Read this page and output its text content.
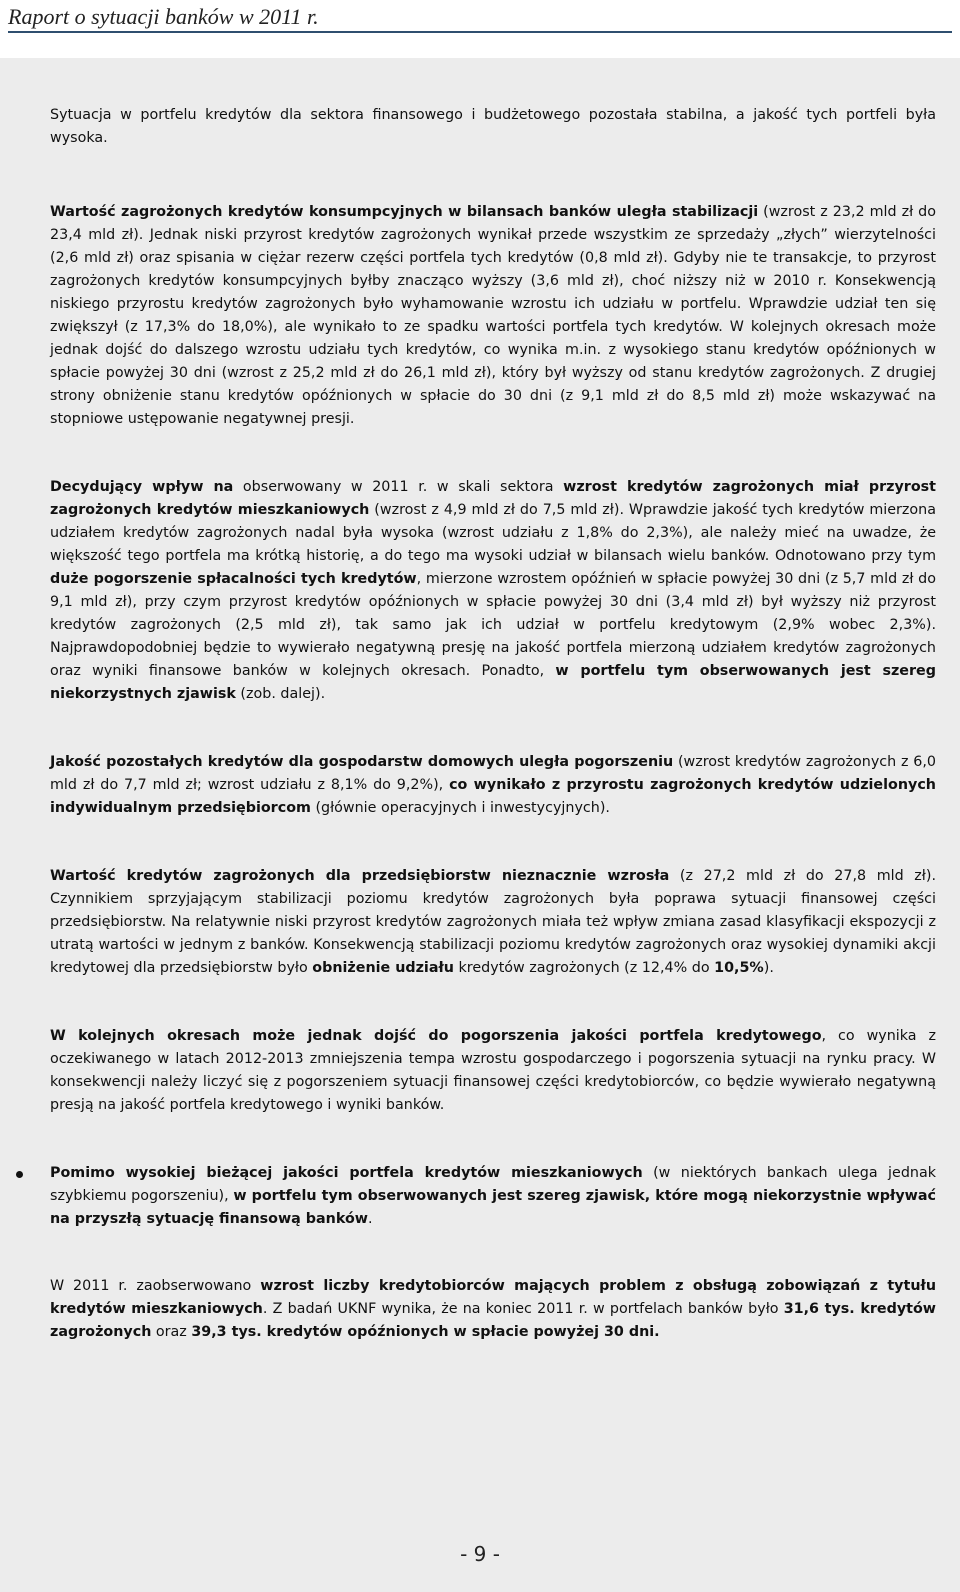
Raport o sytuacji banków w 2011 r.

Sytuacja w portfelu kredytów dla sektora finansowego i budżetowego pozostała stabilna, a jakość tych portfeli była wysoka.

Wartość zagrożonych kredytów konsumpcyjnych w bilansach banków uległa stabilizacji (wzrost z 23,2 mld zł do 23,4 mld zł). Jednak niski przyrost kredytów zagrożonych wynikał przede wszystkim ze sprzedaży „złych” wierzytelności (2,6 mld zł) oraz spisania w ciężar rezerw części portfela tych kredytów (0,8 mld zł). Gdyby nie te transakcje, to przyrost zagrożonych kredytów konsumpcyjnych byłby znacząco wyższy (3,6 mld zł), choć niższy niż w 2010 r. Konsekwencją niskiego przyrostu kredytów zagrożonych było wyhamowanie wzrostu ich udziału w portfelu. Wprawdzie udział ten się zwiększył (z 17,3% do 18,0%), ale wynikało to ze spadku wartości portfela tych kredytów. W kolejnych okresach może jednak dojść do dalszego wzrostu udziału tych kredytów, co wynika m.in. z wysokiego stanu kredytów opóźnionych w spłacie powyżej 30 dni (wzrost z 25,2 mld zł do 26,1 mld zł), który był wyższy od stanu kredytów zagrożonych. Z drugiej strony obniżenie stanu kredytów opóźnionych w spłacie do 30 dni (z 9,1 mld zł do 8,5 mld zł) może wskazywać na stopniowe ustępowanie negatywnej presji.

Decydujący wpływ na obserwowany w 2011 r. w skali sektora wzrost kredytów zagrożonych miał przyrost zagrożonych kredytów mieszkaniowych (wzrost z 4,9 mld zł do 7,5 mld zł). Wprawdzie jakość tych kredytów mierzona udziałem kredytów zagrożonych nadal była wysoka (wzrost udziału z 1,8% do 2,3%), ale należy mieć na uwadze, że większość tego portfela ma krótką historię, a do tego ma wysoki udział w bilansach wielu banków. Odnotowano przy tym duże pogorszenie spłacalności tych kredytów, mierzone wzrostem opóźnień w spłacie powyżej 30 dni (z 5,7 mld zł do 9,1 mld zł), przy czym przyrost kredytów opóźnionych w spłacie powyżej 30 dni (3,4 mld zł) był wyższy niż przyrost kredytów zagrożonych (2,5 mld zł), tak samo jak ich udział w portfelu kredytowym (2,9% wobec 2,3%). Najprawdopodobniej będzie to wywierało negatywną presję na jakość portfela mierzoną udziałem kredytów zagrożonych oraz wyniki finansowe banków w kolejnych okresach. Ponadto, w portfelu tym obserwowanych jest szereg niekorzystnych zjawisk (zob. dalej).

Jakość pozostałych kredytów dla gospodarstw domowych uległa pogorszeniu (wzrost kredytów zagrożonych z 6,0 mld zł do 7,7 mld zł; wzrost udziału z 8,1% do 9,2%), co wynikało z przyrostu zagrożonych kredytów udzielonych indywidualnym przedsiębiorcom (głównie operacyjnych i inwestycyjnych).

Wartość kredytów zagrożonych dla przedsiębiorstw nieznacznie wzrosła (z 27,2 mld zł do 27,8 mld zł). Czynnikiem sprzyjającym stabilizacji poziomu kredytów zagrożonych była poprawa sytuacji finansowej części przedsiębiorstw. Na relatywnie niski przyrost kredytów zagrożonych miała też wpływ zmiana zasad klasyfikacji ekspozycji z utratą wartości w jednym z banków. Konsekwencją stabilizacji poziomu kredytów zagrożonych oraz wysokiej dynamiki akcji kredytowej dla przedsiębiorstw było obniżenie udziału kredytów zagrożonych (z 12,4% do 10,5%).

W kolejnych okresach może jednak dojść do pogorszenia jakości portfela kredytowego, co wynika z oczekiwanego w latach 2012-2013 zmniejszenia tempa wzrostu gospodarczego i pogorszenia sytuacji na rynku pracy. W konsekwencji należy liczyć się z pogorszeniem sytuacji finansowej części kredytobiorców, co będzie wywierało negatywną presją na jakość portfela kredytowego i wyniki banków.

Pomimo wysokiej bieżącej jakości portfela kredytów mieszkaniowych (w niektórych bankach ulega jednak szybkiemu pogorszeniu), w portfelu tym obserwowanych jest szereg zjawisk, które mogą niekorzystnie wpływać na przyszłą sytuację finansową banków.

W 2011 r. zaobserwowano wzrost liczby kredytobiorców mających problem z obsługą zobowiązań z tytułu kredytów mieszkaniowych. Z badań UKNF wynika, że na koniec 2011 r. w portfelach banków było 31,6 tys. kredytów zagrożonych oraz 39,3 tys. kredytów opóźnionych w spłacie powyżej 30 dni.

- 9 -
